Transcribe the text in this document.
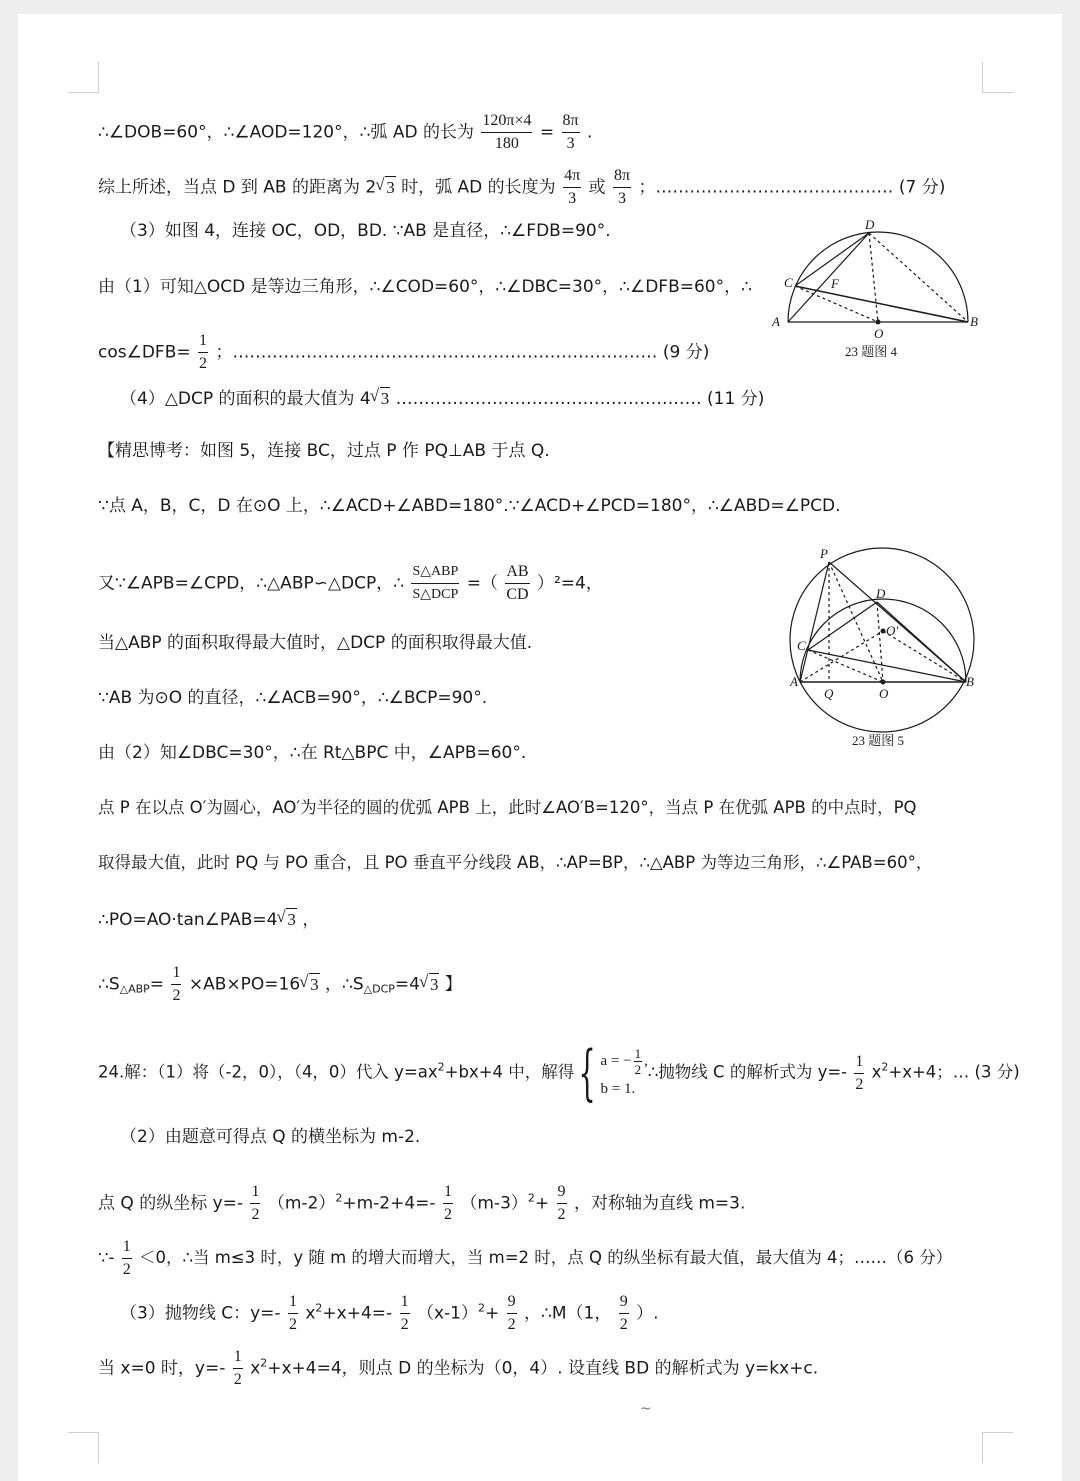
∴∠DOB=60°，∴∠AOD=120°，∴弧 AD 的长为 $\frac{120\pi\times 4}{180} = \frac{8\pi}{3}$ .
综上所述，当点 D 到 AB 的距离为 2√ 3 时，弧 AD 的长度为 $\frac{4\pi}{3}$ 或 $\frac{8\pi}{3}$ ；…………………………………… (7 分)
（3）如图 4，连接 OC，OD，BD. ∵AB 是直径，∴∠FDB=90°.
由（1）可知△OCD 是等边三角形，∴∠COD=60°，∴∠DBC=30°，∴∠DFB=60°，∴
cos∠DFB= $\frac{1}{2}$ ；………………………………………………………………… (9 分)
（4）△DCP 的面积的最大值为 4√ 3 ……………………………………………… (11 分)
【精思博考：如图 5，连接 BC，过点 P 作 PQ⊥AB 于点 Q.
∵点 A，B，C，D 在⊙O 上，∴∠ACD+∠ABD=180°.∵∠ACD+∠PCD=180°，∴∠ABD=∠PCD.
又∵∠APB=∠CPD，∴△ABP∽△DCP，∴
S△ABP
S△DCP
=（ $\frac{AB}{CD} )^2=4$，
当△ABP 的面积取得最大值时，△DCP 的面积取得最大值.
∵AB 为⊙O 的直径，∴∠ACB=90°，∴∠BCP=90°.
由（2）知∠DBC=30°，∴在 Rt△BPC 中，∠APB=60°.
点 P 在以点 O′为圆心，AO′为半径的圆的优弧 APB 上，此时∠AO′B=120°，当点 P 在优弧 APB 的中点时，PQ
取得最大值，此时 PQ 与 PO 重合，且 PO 垂直平分线段 AB，∴AP=BP，∴△ABP 为等边三角形，∴∠PAB=60°，
∴PO=AO·tan∠PAB=4√ 3 ，
$\therefore S_{\triangle ABP}= \frac{1}{2} \times AB\times PO=16√$ 3 ，$\therefore S_{\triangle DCP}=4√$ 3 】
24.解：（1）将（-2，0），（4，0）代入 $y=ax^2+bx+4$ 中，解得{ a = − $\frac{1}{2}$ ,
b = 1.
∴抛物线 C 的解析式为 $y=- \frac{1}{2} x^2+x+4$；… (3 分)
（2）由题意可得点 Q 的横坐标为 m-2.
点 Q 的纵坐标 $y=- \frac{1}{2} (m-2)^2+m-2+4=- \frac{1}{2} (m-3)^2+ \frac{9}{2}$ ，对称轴为直线 m=3.
∵- $\frac{1}{2} <0$，∴当 m≤3 时，y 随 m 的增大而增大，当 m=2 时，点 Q 的纵坐标有最大值，最大值为 4；……（6 分）
（3）抛物线 C：$y=- \frac{1}{2} x^2+x+4=- \frac{1}{2} (x-1)^2+ \frac{9}{2}$ ，∴M（1， $\frac{9}{2}$ ）.
当 x=0 时，$y=- \frac{1}{2} x^2+x+4=4$，则点 D 的坐标为（0，4）. 设直线 BD 的解析式为 y=kx+c.
~
D
C	F
A	B
O
23 题图 4
P
D
C
O′
A	B
Q	O
23 题图 5
